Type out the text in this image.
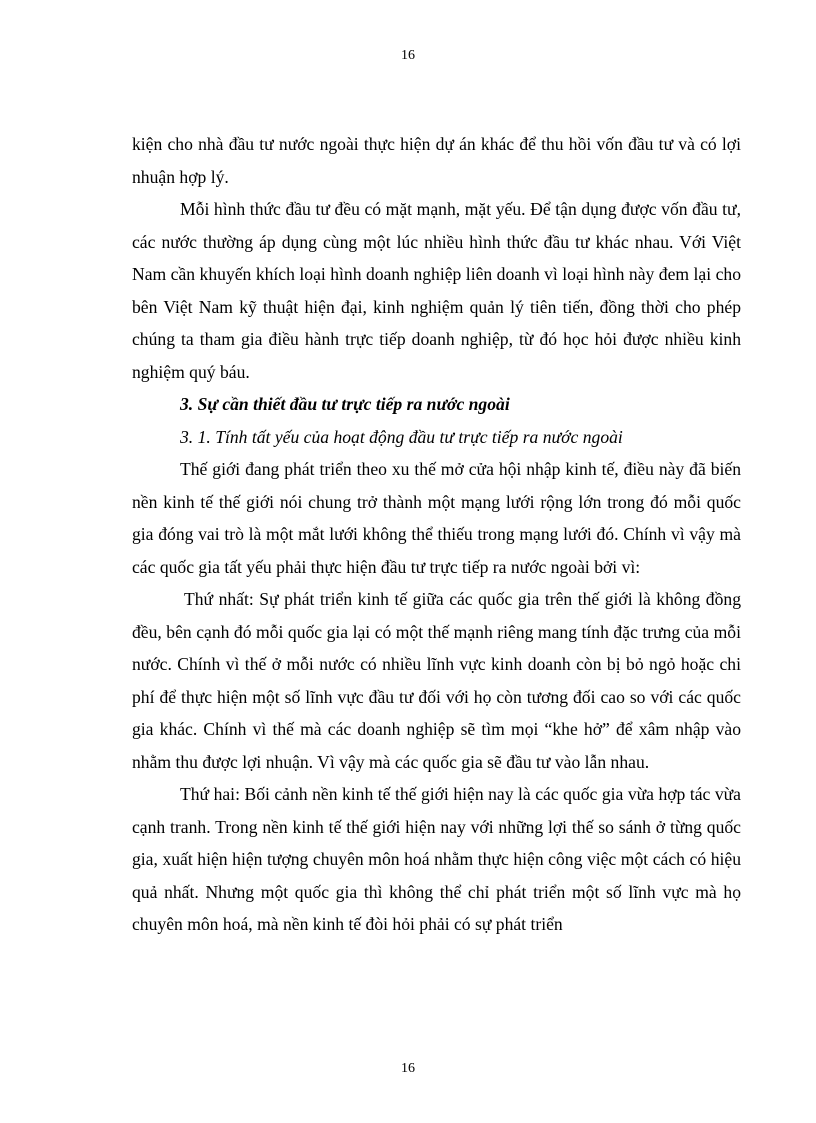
16

kiện cho nhà đầu tư nước ngoài thực hiện dự án khác để thu hồi vốn đầu tư và có lợi nhuận hợp lý.

Mỗi hình thức đầu tư đều có mặt mạnh, mặt yếu. Để tận dụng được vốn đầu tư, các nước thường áp dụng cùng một lúc nhiều hình thức đầu tư khác nhau. Với Việt Nam cần khuyến khích loại hình doanh nghiệp liên doanh vì loại hình này đem lại cho bên Việt Nam kỹ thuật hiện đại, kinh nghiệm quản lý tiên tiến, đồng thời cho phép chúng ta tham gia điều hành trực tiếp doanh nghiệp, từ đó học hỏi được nhiều kinh nghiệm quý báu.

3. Sự cần thiết đầu tư trực tiếp ra nước ngoài

3. 1. Tính tất yếu của hoạt động đầu tư trực tiếp ra nước ngoài

Thế giới đang phát triển theo xu thế mở cửa hội nhập kinh tế, điều này đã biến nền kinh tế thế giới nói chung trở thành một mạng lưới rộng lớn trong đó mỗi quốc gia đóng vai trò là một mắt lưới không thể thiếu trong mạng lưới đó. Chính vì vậy mà các quốc gia tất yếu phải thực hiện đầu tư trực tiếp ra nước ngoài bởi vì:

Thứ nhất: Sự phát triển kinh tế giữa các quốc gia trên thế giới là không đồng đều, bên cạnh đó mỗi quốc gia lại có một thế mạnh riêng mang tính đặc trưng của mỗi nước. Chính vì thế ở mỗi nước có nhiều lĩnh vực kinh doanh còn bị bỏ ngỏ hoặc chi phí để thực hiện một số lĩnh vực đầu tư đối với họ còn tương đối cao so với các quốc gia khác. Chính vì thế mà các doanh nghiệp sẽ tìm mọi “khe hở” để xâm nhập vào nhằm thu được lợi nhuận. Vì vậy mà các quốc gia sẽ đầu tư vào lẫn nhau.

Thứ hai: Bối cảnh nền kinh tế thế giới hiện nay là các quốc gia vừa hợp tác vừa cạnh tranh. Trong nền kinh tế thế giới hiện nay với những lợi thế so sánh ở từng quốc gia, xuất hiện hiện tượng chuyên môn hoá nhằm thực hiện công việc một cách có hiệu quả nhất. Nhưng một quốc gia thì không thể chỉ phát triển một số lĩnh vực mà họ chuyên môn hoá, mà nền kinh tế đòi hỏi phải có sự phát triển

16
